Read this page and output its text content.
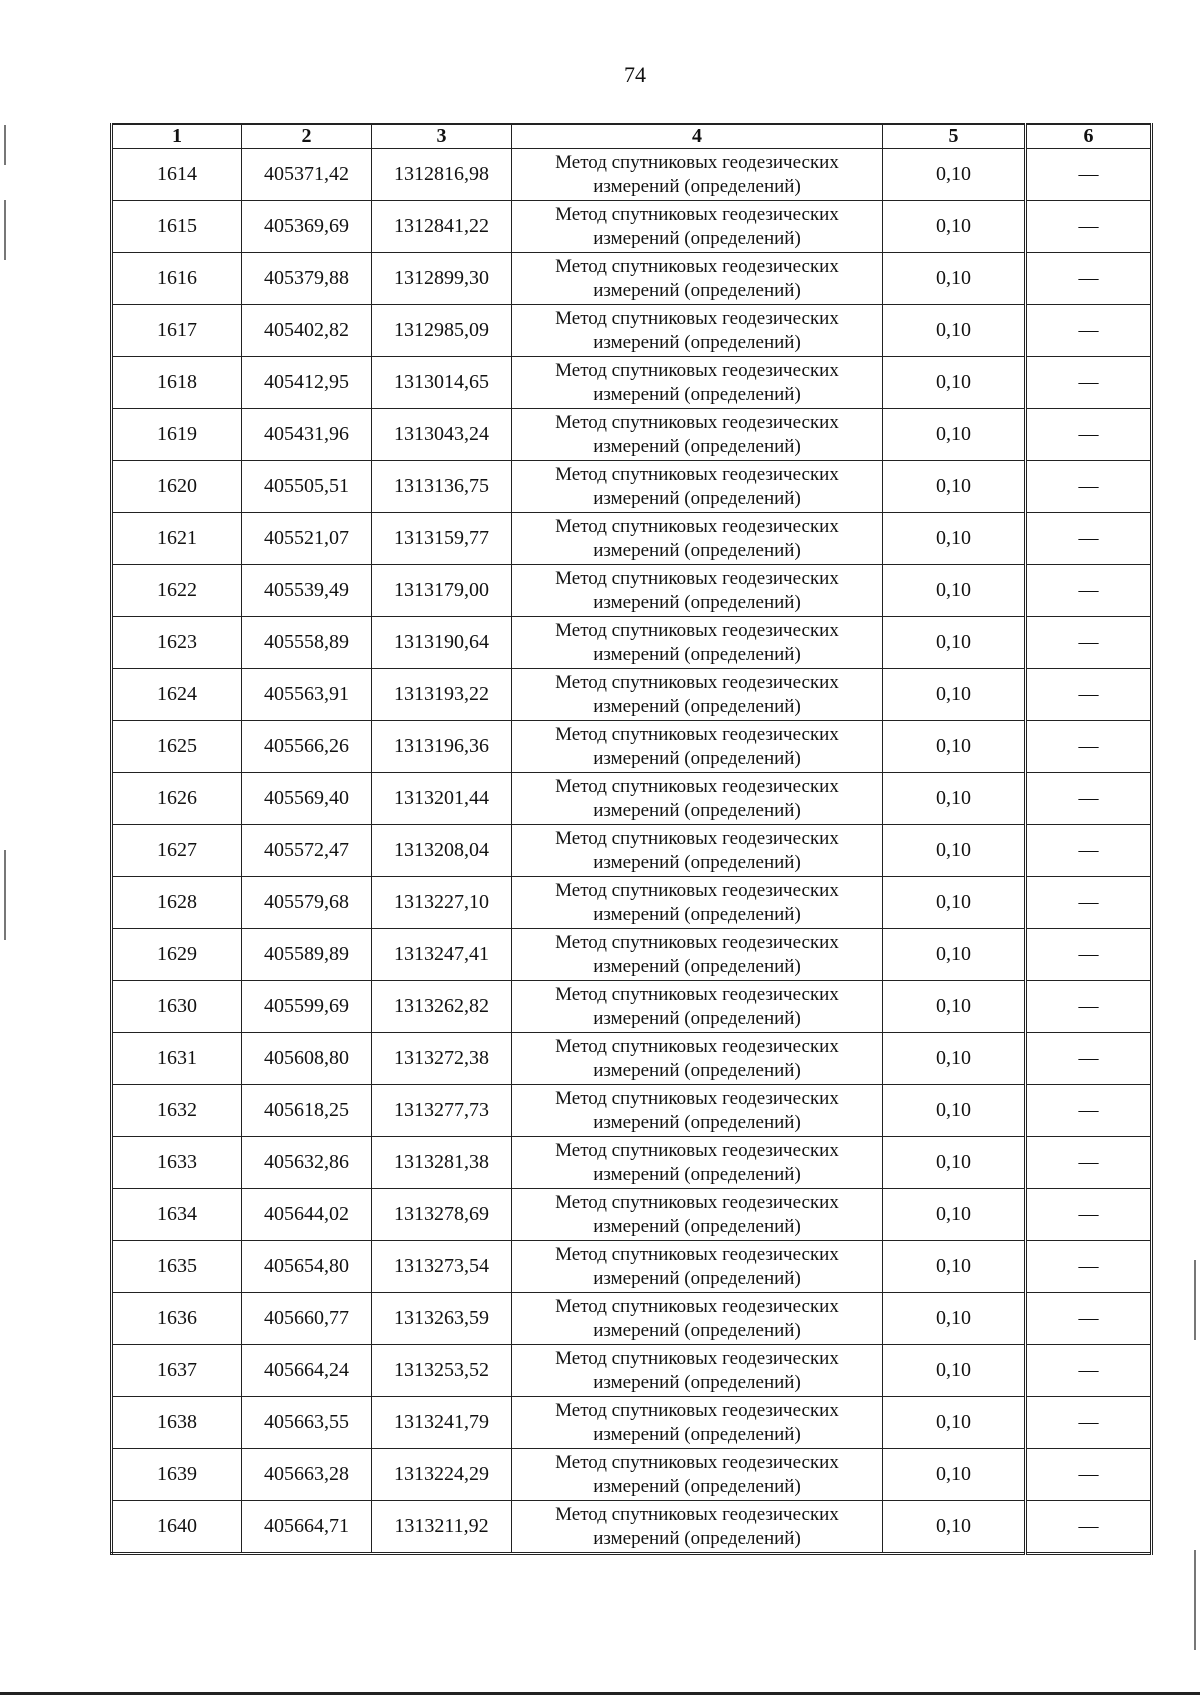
74
1	2	3	4	5	6
1614	405371,42	1312816,98	Метод спутниковых геодезических
измерений (определений)	0,10	—
1615	405369,69	1312841,22	Метод спутниковых геодезических
измерений (определений)	0,10	—
1616	405379,88	1312899,30	Метод спутниковых геодезических
измерений (определений)	0,10	—
1617	405402,82	1312985,09	Метод спутниковых геодезических
измерений (определений)	0,10	—
1618	405412,95	1313014,65	Метод спутниковых геодезических
измерений (определений)	0,10	—
1619	405431,96	1313043,24	Метод спутниковых геодезических
измерений (определений)	0,10	—
1620	405505,51	1313136,75	Метод спутниковых геодезических
измерений (определений)	0,10	—
1621	405521,07	1313159,77	Метод спутниковых геодезических
измерений (определений)	0,10	—
1622	405539,49	1313179,00	Метод спутниковых геодезических
измерений (определений)	0,10	—
1623	405558,89	1313190,64	Метод спутниковых геодезических
измерений (определений)	0,10	—
1624	405563,91	1313193,22	Метод спутниковых геодезических
измерений (определений)	0,10	—
1625	405566,26	1313196,36	Метод спутниковых геодезических
измерений (определений)	0,10	—
1626	405569,40	1313201,44	Метод спутниковых геодезических
измерений (определений)	0,10	—
1627	405572,47	1313208,04	Метод спутниковых геодезических
измерений (определений)	0,10	—
1628	405579,68	1313227,10	Метод спутниковых геодезических
измерений (определений)	0,10	—
1629	405589,89	1313247,41	Метод спутниковых геодезических
измерений (определений)	0,10	—
1630	405599,69	1313262,82	Метод спутниковых геодезических
измерений (определений)	0,10	—
1631	405608,80	1313272,38	Метод спутниковых геодезических
измерений (определений)	0,10	—
1632	405618,25	1313277,73	Метод спутниковых геодезических
измерений (определений)	0,10	—
1633	405632,86	1313281,38	Метод спутниковых геодезических
измерений (определений)	0,10	—
1634	405644,02	1313278,69	Метод спутниковых геодезических
измерений (определений)	0,10	—
1635	405654,80	1313273,54	Метод спутниковых геодезических
измерений (определений)	0,10	—
1636	405660,77	1313263,59	Метод спутниковых геодезических
измерений (определений)	0,10	—
1637	405664,24	1313253,52	Метод спутниковых геодезических
измерений (определений)	0,10	—
1638	405663,55	1313241,79	Метод спутниковых геодезических
измерений (определений)	0,10	—
1639	405663,28	1313224,29	Метод спутниковых геодезических
измерений (определений)	0,10	—
1640	405664,71	1313211,92	Метод спутниковых геодезических
измерений (определений)	0,10	—
